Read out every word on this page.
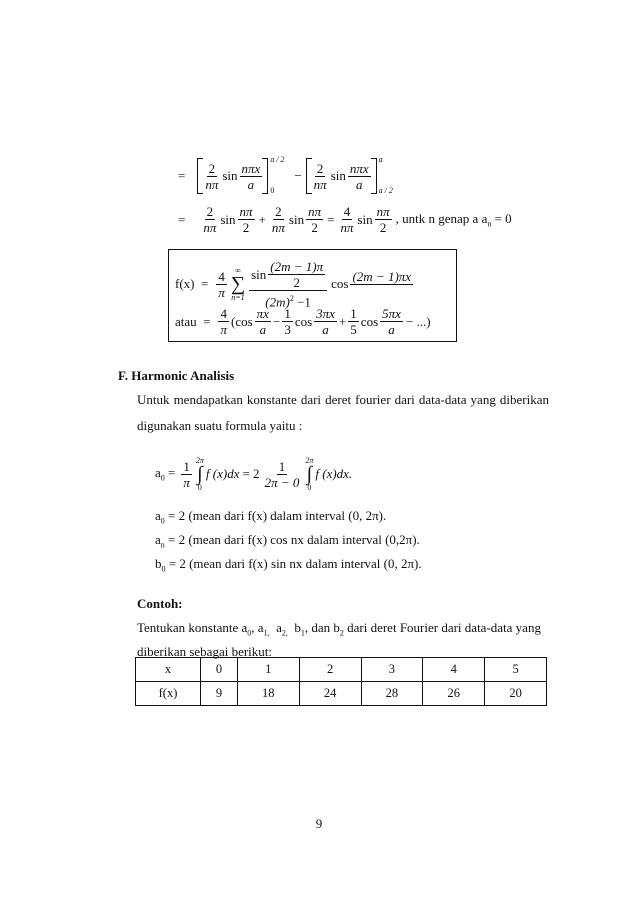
= $\frac{2}{n\pi}$ $\sin \frac{\text{nπx}}{a}$
a / 2
0
− $\frac{2}{n\pi}$ $\sin \frac{\text{nπx}}{a}$
a
a / 2
= $\frac{2}{n\pi}$ $\sin \frac{n\pi}{2} + \frac{2}{n\pi}$ $\sin \frac{n\pi}{2} = \frac{4}{n\pi}$ $\sin \frac{n\pi}{2}$ , untk n genap a $a_n = 0$
$f(x) = \frac{4}{\pi}$ ∞
∑
$n=1 \frac{\sin \frac{(2m - 1)\pi}{2}}{(2m)^2 -1}$ cos (2m − 1)πx

atau  = $\frac{4}{\pi} (\cos \frac{\pi x}{a} - \frac{1}{3}$ $\cos \frac{3\pi x}{a} + \frac{1}{5}$ $\cos \frac{5\pi x}{a}$ − ...)
F. Harmonic Analisis
Untuk mendapatkan konstante dari deret fourier dari data-data yang diberikan
digunakan suatu formula yaitu :
$a_0 = \frac{1}{\pi} 2\pi$
∫
0
f $(x)dx = 2 \frac{1}{2\pi - 0} 2\pi$
∫
0
f (x)dx.
$a_0 = 2$ (mean dari f(x) dalam interval (0, 2π).
$a_n = 2$ (mean dari f(x) cos nx dalam interval (0,2π).
$b_0 = 2$ (mean dari f(x) sin nx dalam interval (0, 2π).
Contoh:
Tentukan konstante $a_0$, $a_{1,}$  $a_{2,}$  $b_1$, dan $b_2$ dari deret Fourier dari data-data yang
diberikan sebagai berikut:
x	0	1	2	3	4	5
f(x)	9	18	24	28	26	20
9
